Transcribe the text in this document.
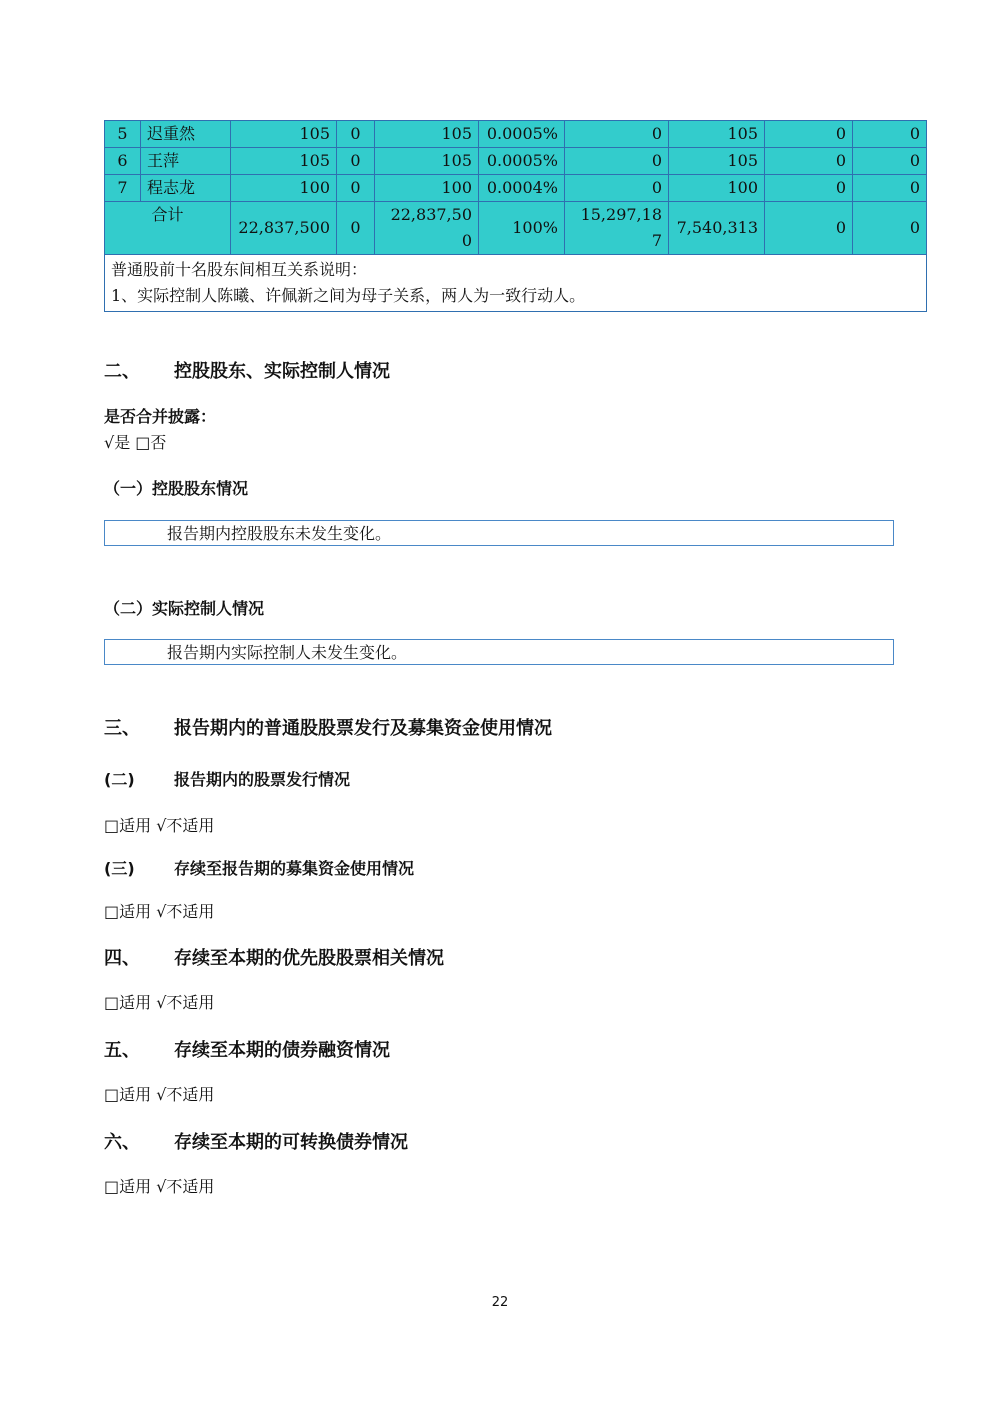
5	迟重然	105	0	105	0.0005%	0	105	0	0
6	王萍	105	0	105	0.0005%	0	105	0	0
7	程志龙	100	0	100	0.0004%	0	100	0	0
合计		22,837,500	0	22,837,500	100%	15,297,187	7,540,313	0	0

普通股前十名股东间相互关系说明：
1、实际控制人陈曦、许佩新之间为母子关系，两人为一致行动人。									
二、 控股股东、实际控制人情况
是否合并披露：
√是 □否
（一）控股股东情况
报告期内控股股东未发生变化。
（二）实际控制人情况
报告期内实际控制人未发生变化。
三、 报告期内的普通股股票发行及募集资金使用情况
(二) 报告期内的股票发行情况
□适用 √不适用
(三) 存续至报告期的募集资金使用情况
□适用 √不适用
四、 存续至本期的优先股股票相关情况
□适用 √不适用
五、 存续至本期的债券融资情况
□适用 √不适用
六、 存续至本期的可转换债券情况
□适用 √不适用
22
